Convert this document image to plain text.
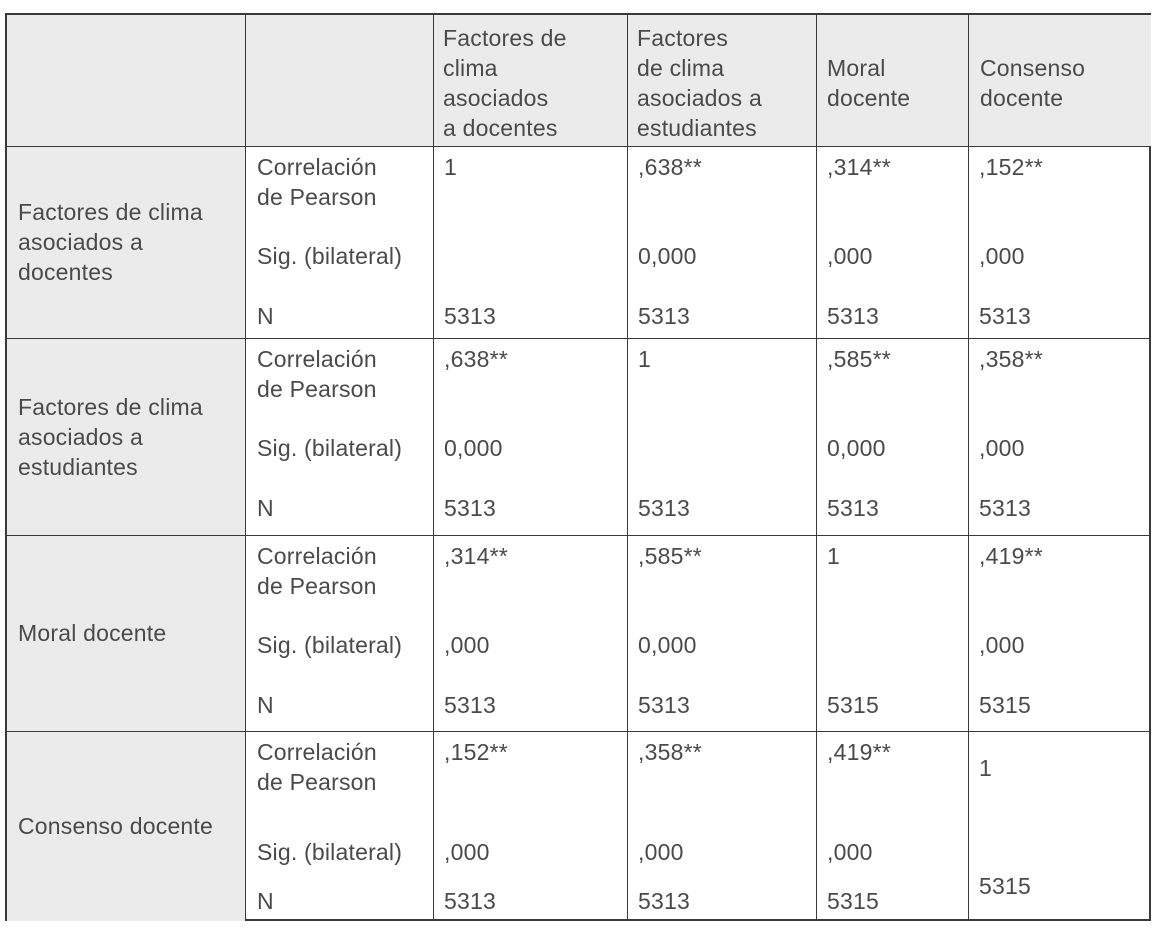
Factores de
clima
asociados
a docentes
Factores
de clima
asociados a
estudiantes
Moral
docente
Consenso
docente
Factores de clima
asociados a
docentes
Correlación
de Pearson
Sig. (bilateral)
N
1
5313
,638**
0,000
5313
,314**
,000
5313
,152**
,000
5313
Factores de clima
asociados a
estudiantes
Correlación
de Pearson
Sig. (bilateral)
N
,638**
0,000
5313
1
5313
,585**
0,000
5313
,358**
,000
5313
Moral docente
Correlación
de Pearson
Sig. (bilateral)
N
,314**
,000
5313
,585**
0,000
5313
1
5315
,419**
,000
5315
Consenso docente
Correlación
de Pearson
Sig. (bilateral)
N
,152**
,000
5313
,358**
,000
5313
,419**
,000
5315
1
5315
